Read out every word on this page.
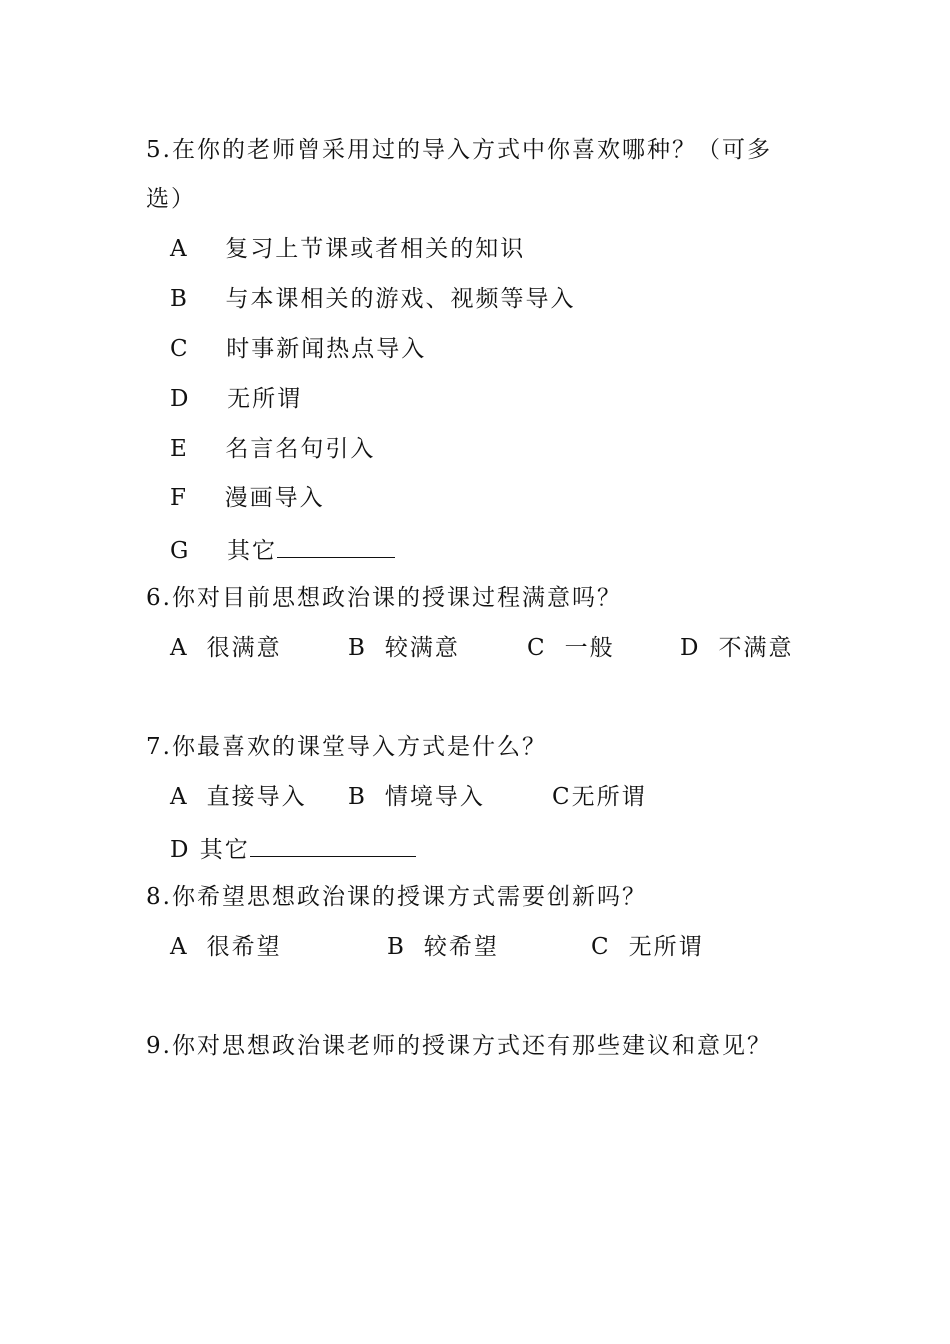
5.在你的老师曾采用过的导入方式中你喜欢哪种？（可多
选）
A 复习上节课或者相关的知识
B 与本课相关的游戏、视频等导入
C 时事新闻热点导入
D 无所谓
E 名言名句引入
F 漫画导入
G 其它
6.你对目前思想政治课的授课过程满意吗？
A 很满意	B 较满意	C 一般	D 不满意
7.你最喜欢的课堂导入方式是什么？
A 直接导入 B 情境导入	C无所谓
D 其它
8.你希望思想政治课的授课方式需要创新吗？
A 很希望	B 较希望	C 无所谓
9.你对思想政治课老师的授课方式还有那些建议和意见？
